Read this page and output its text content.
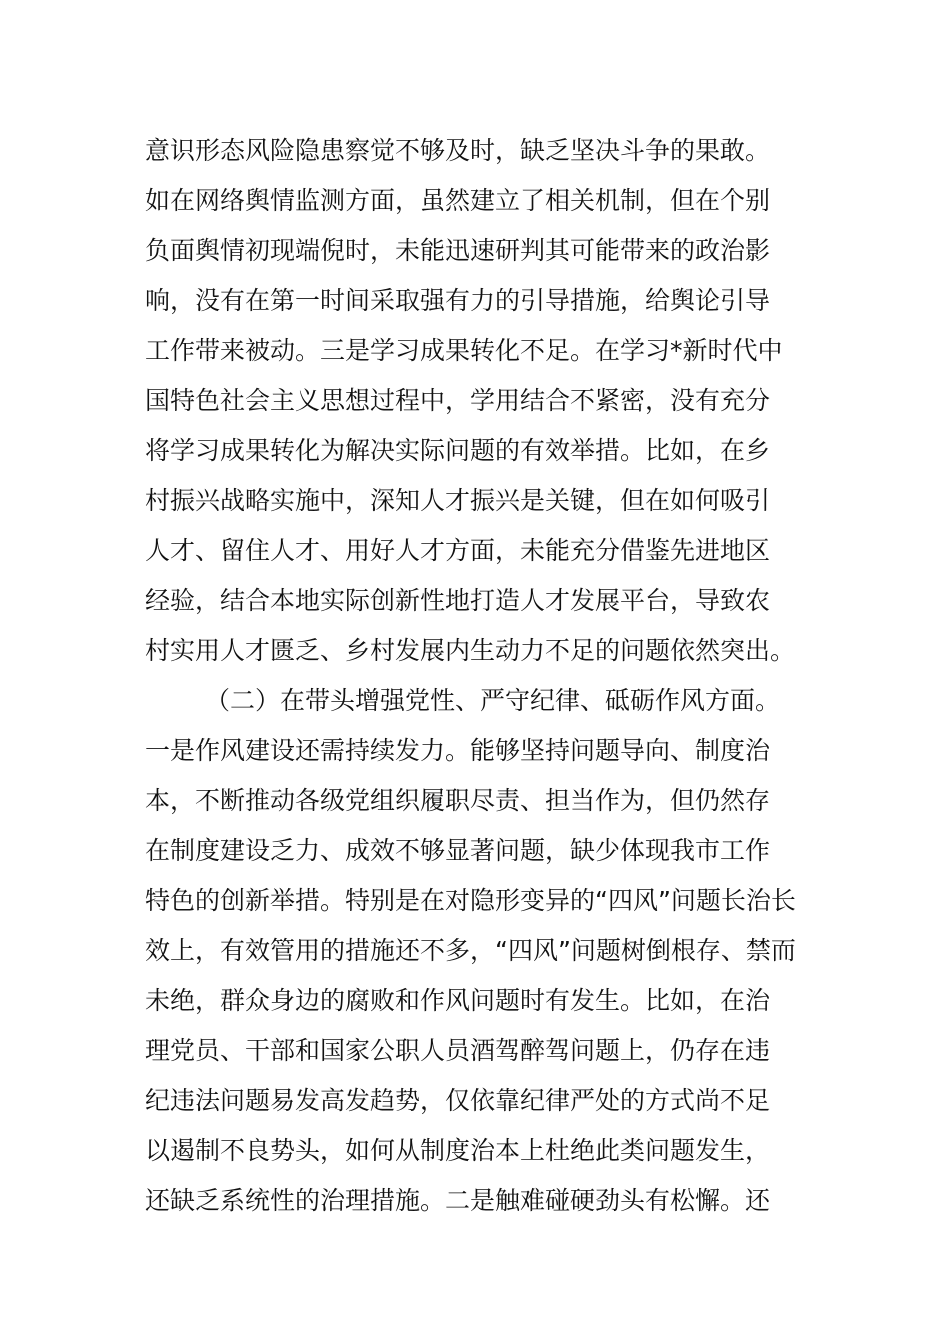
意识形态风险隐患察觉不够及时，缺乏坚决斗争的果敢。
如在网络舆情监测方面，虽然建立了相关机制，但在个别
负面舆情初现端倪时，未能迅速研判其可能带来的政治影
响，没有在第一时间采取强有力的引导措施，给舆论引导
工作带来被动。三是学习成果转化不足。在学习*新时代中
国特色社会主义思想过程中，学用结合不紧密，没有充分
将学习成果转化为解决实际问题的有效举措。比如，在乡
村振兴战略实施中，深知人才振兴是关键，但在如何吸引
人才、留住人才、用好人才方面，未能充分借鉴先进地区
经验，结合本地实际创新性地打造人才发展平台，导致农
村实用人才匮乏、乡村发展内生动力不足的问题依然突出。
（二）在带头增强党性、严守纪律、砥砺作风方面。
一是作风建设还需持续发力。能够坚持问题导向、制度治
本，不断推动各级党组织履职尽责、担当作为，但仍然存
在制度建设乏力、成效不够显著问题，缺少体现我市工作
特色的创新举措。特别是在对隐形变异的“四风”问题长治长
效上，有效管用的措施还不多，“四风”问题树倒根存、禁而
未绝，群众身边的腐败和作风问题时有发生。比如，在治
理党员、干部和国家公职人员酒驾醉驾问题上，仍存在违
纪违法问题易发高发趋势，仅依靠纪律严处的方式尚不足
以遏制不良势头，如何从制度治本上杜绝此类问题发生，
还缺乏系统性的治理措施。二是触难碰硬劲头有松懈。还
